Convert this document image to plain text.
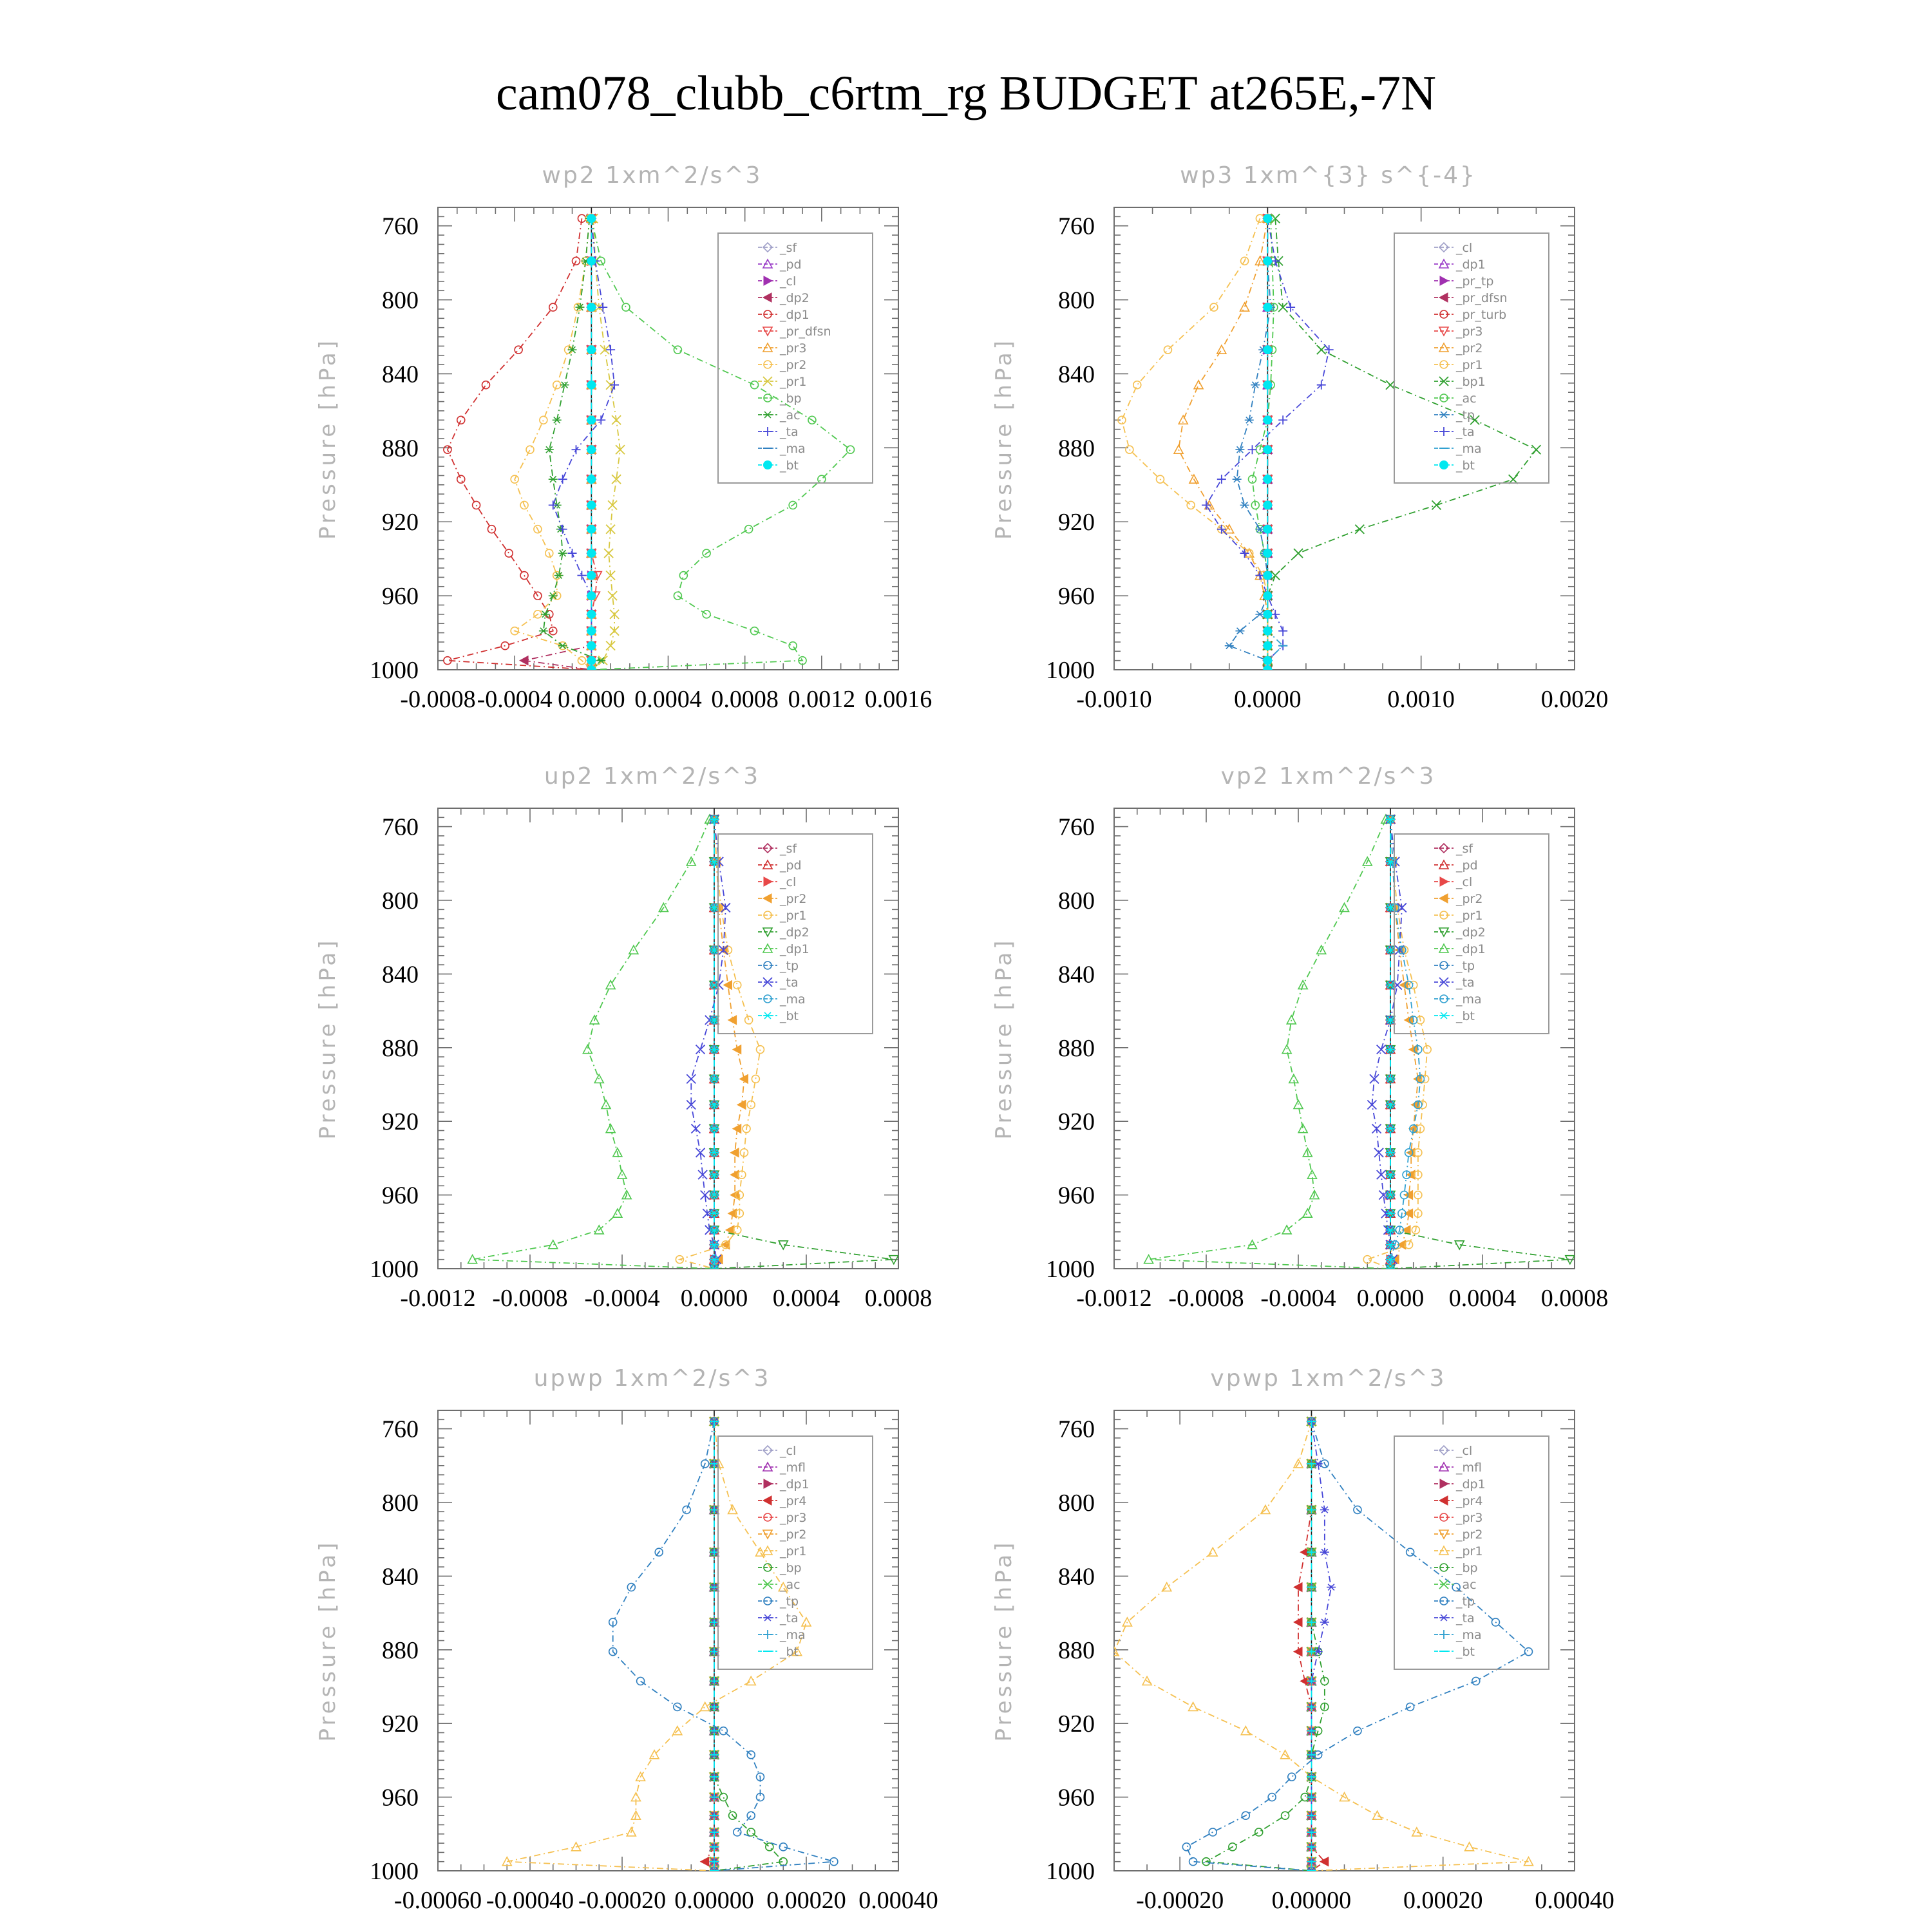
cam078_clubb_c6rtm_rg BUDGET at265E,-7N
wp2 1xm^2/s^3
Pressure [hPa]
760
800
840
880
920
960
1000
-0.0008 -0.0004 0.0000 0.0004 0.0008 0.0012 0.0016
_sf
_pd
_cl
_dp2
_dp1
_pr_dfsn
_pr3
_pr2
_pr1
_bp
_ac
_ta
_ma
_bt
wp3 1xm^{3} s^{-4}
Pressure [hPa]
760
800
840
880
920
960
1000
-0.0010	0.0000	0.0010	0.0020
_cl
_dp1
_pr_tp
_pr_dfsn
_pr_turb
_pr3
_pr2
_pr1
_bp1
_ac
_tp
_ta
_ma
_bt
up2 1xm^2/s^3
Pressure [hPa]
760
800
840
880
920
960
1000
-0.0012 -0.0008 -0.0004 0.0000 0.0004 0.0008
_sf
_pd
_cl
_pr2
_pr1
_dp2
_dp1
_tp
_ta
_ma
_bt
vp2 1xm^2/s^3
Pressure [hPa]
760
800
840
880
920
960
1000
-0.0012 -0.0008 -0.0004 0.0000 0.0004 0.0008
_sf
_pd
_cl
_pr2
_pr1
_dp2
_dp1
_tp
_ta
_ma
_bt
upwp 1xm^2/s^3
Pressure [hPa]
760
800
840
880
920
960
1000
-0.00060 -0.00040 -0.00020 0.00000 0.00020 0.00040
_cl
_mfl
_dp1
_pr4
_pr3
_pr2
_pr1
_bp
_ac
_tp
_ta
_ma
_bt
vpwp 1xm^2/s^3
Pressure [hPa]
760
800
840
880
920
960
1000
-0.00020 0.00000 0.00020 0.00040
_cl
_mfl
_dp1
_pr4
_pr3
_pr2
_pr1
_bp
_ac
_tp
_ta
_ma
_bt
